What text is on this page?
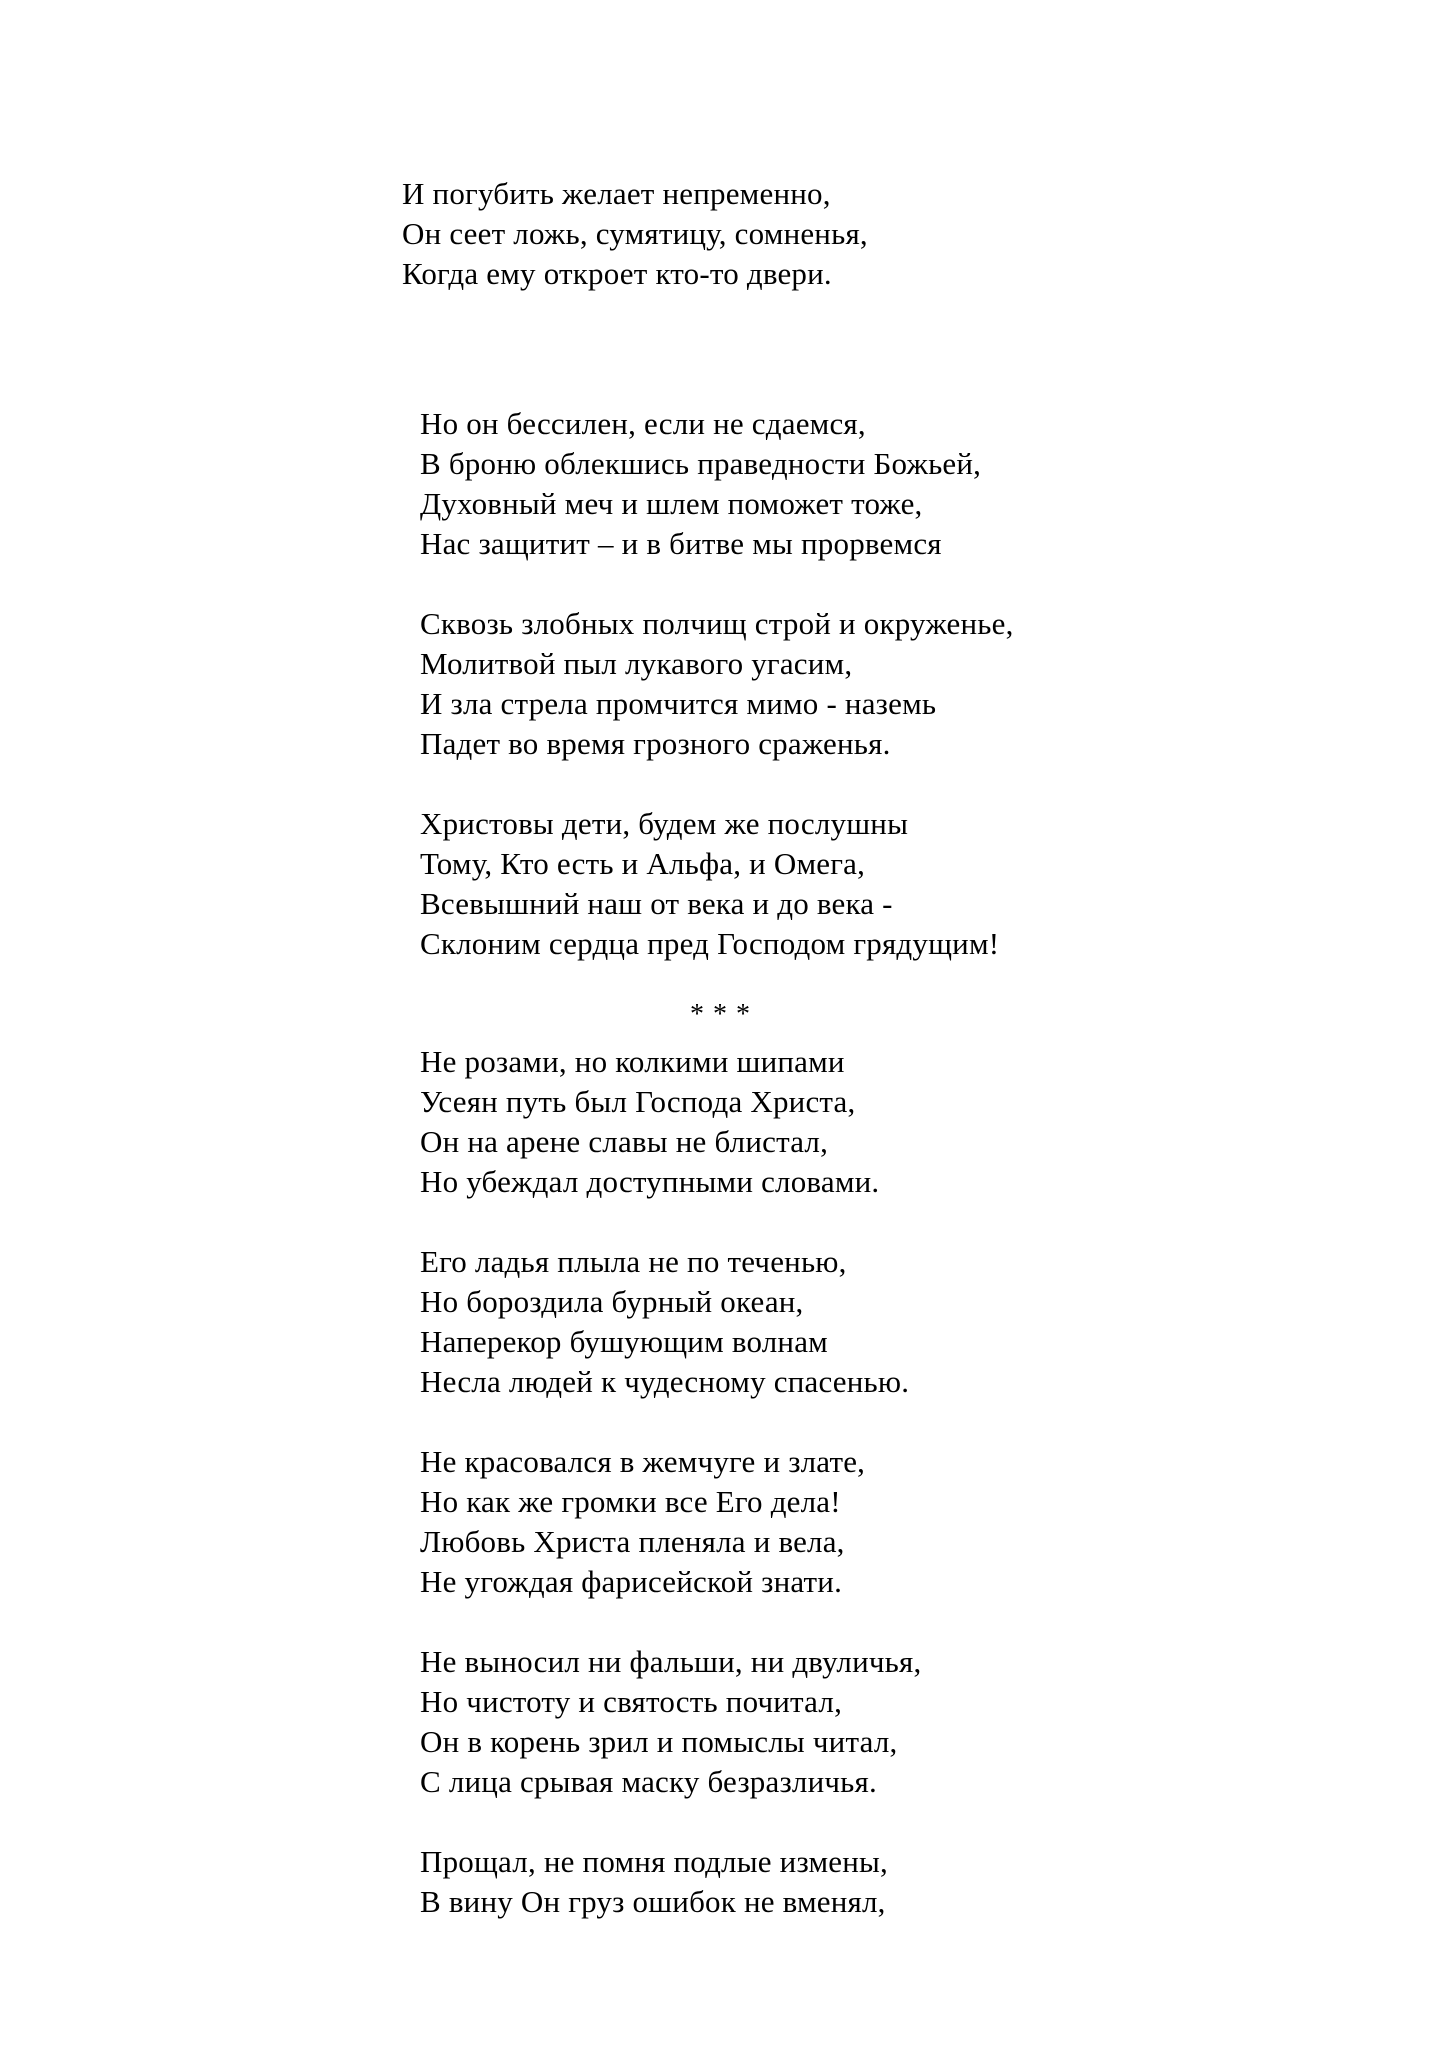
И погубить желает непременно,
Он сеет ложь, сумятицу, сомненья,
Когда ему откроет кто-то двери.
Но он бессилен, если не сдаемся,
В броню облекшись праведности Божьей,
Духовный меч и шлем поможет тоже,
Нас защитит – и в битве мы прорвемся
Сквозь злобных полчищ строй и окруженье,
Молитвой пыл лукавого угасим,
И зла стрела промчится мимо - наземь
Падет во время грозного сраженья.
Христовы дети, будем же послушны
Тому, Кто есть и Альфа, и Омега,
Всевышний наш от века и до века -
Склоним сердца пред Господом грядущим!
* * *
Не розами, но колкими шипами
Усеян путь был Господа Христа,
Он на арене славы не блистал,
Но убеждал доступными словами.
Его ладья плыла не по теченью,
Но бороздила бурный океан,
Наперекор бушующим волнам
Несла людей к чудесному спасенью.
Не красовался в жемчуге и злате,
Но как же громки все Его дела!
Любовь Христа пленяла и вела,
Не угождая фарисейской знати.
Не выносил ни фальши, ни двуличья,
Но чистоту и святость почитал,
Он в корень зрил и помыслы читал,
С лица срывая маску безразличья.
Прощал, не помня подлые измены,
В вину Он груз ошибок не вменял,
